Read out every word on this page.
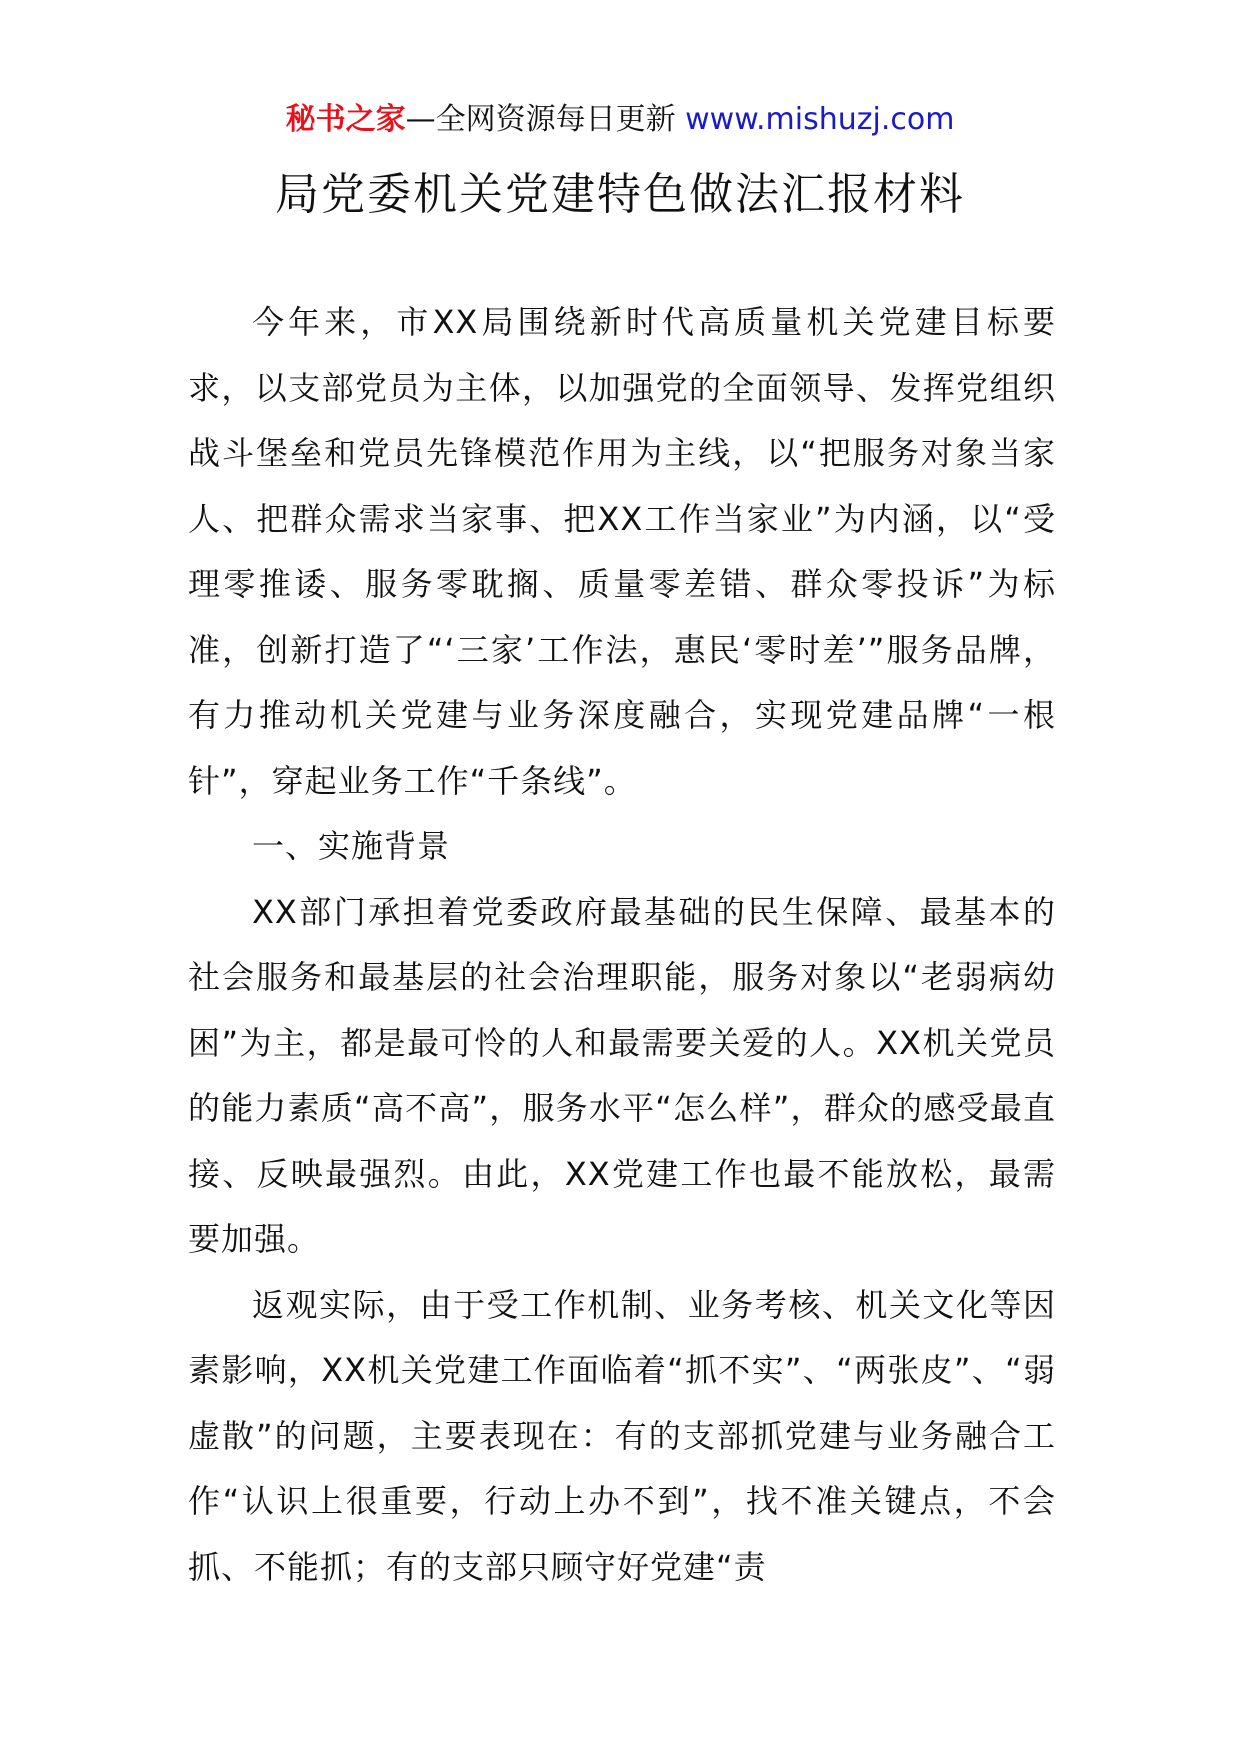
秘书之家—全网资源每日更新 www.mishuzj.com
局党委机关党建特色做法汇报材料

今年来，市XX局围绕新时代高质量机关党建目标要求，以支部党员为主体，以加强党的全面领导、发挥党组织战斗堡垒和党员先锋模范作用为主线，以“把服务对象当家人、把群众需求当家事、把XX工作当家业”为内涵，以“受理零推诿、服务零耽搁、质量零差错、群众零投诉”为标准，创新打造了“‘三家’工作法，惠民‘零时差’”服务品牌，有力推动机关党建与业务深度融合，实现党建品牌“一根针”，穿起业务工作“千条线”。

一、实施背景

XX部门承担着党委政府最基础的民生保障、最基本的社会服务和最基层的社会治理职能，服务对象以“老弱病幼困”为主，都是最可怜的人和最需要关爱的人。XX机关党员的能力素质“高不高”，服务水平“怎么样”，群众的感受最直接、反映最强烈。由此，XX党建工作也最不能放松，最需要加强。

返观实际，由于受工作机制、业务考核、机关文化等因素影响，XX机关党建工作面临着“抓不实”、“两张皮”、“弱虚散”的问题，主要表现在：有的支部抓党建与业务融合工作“认识上很重要，行动上办不到”，找不准关键点，不会抓、不能抓；有的支部只顾守好党建“责
